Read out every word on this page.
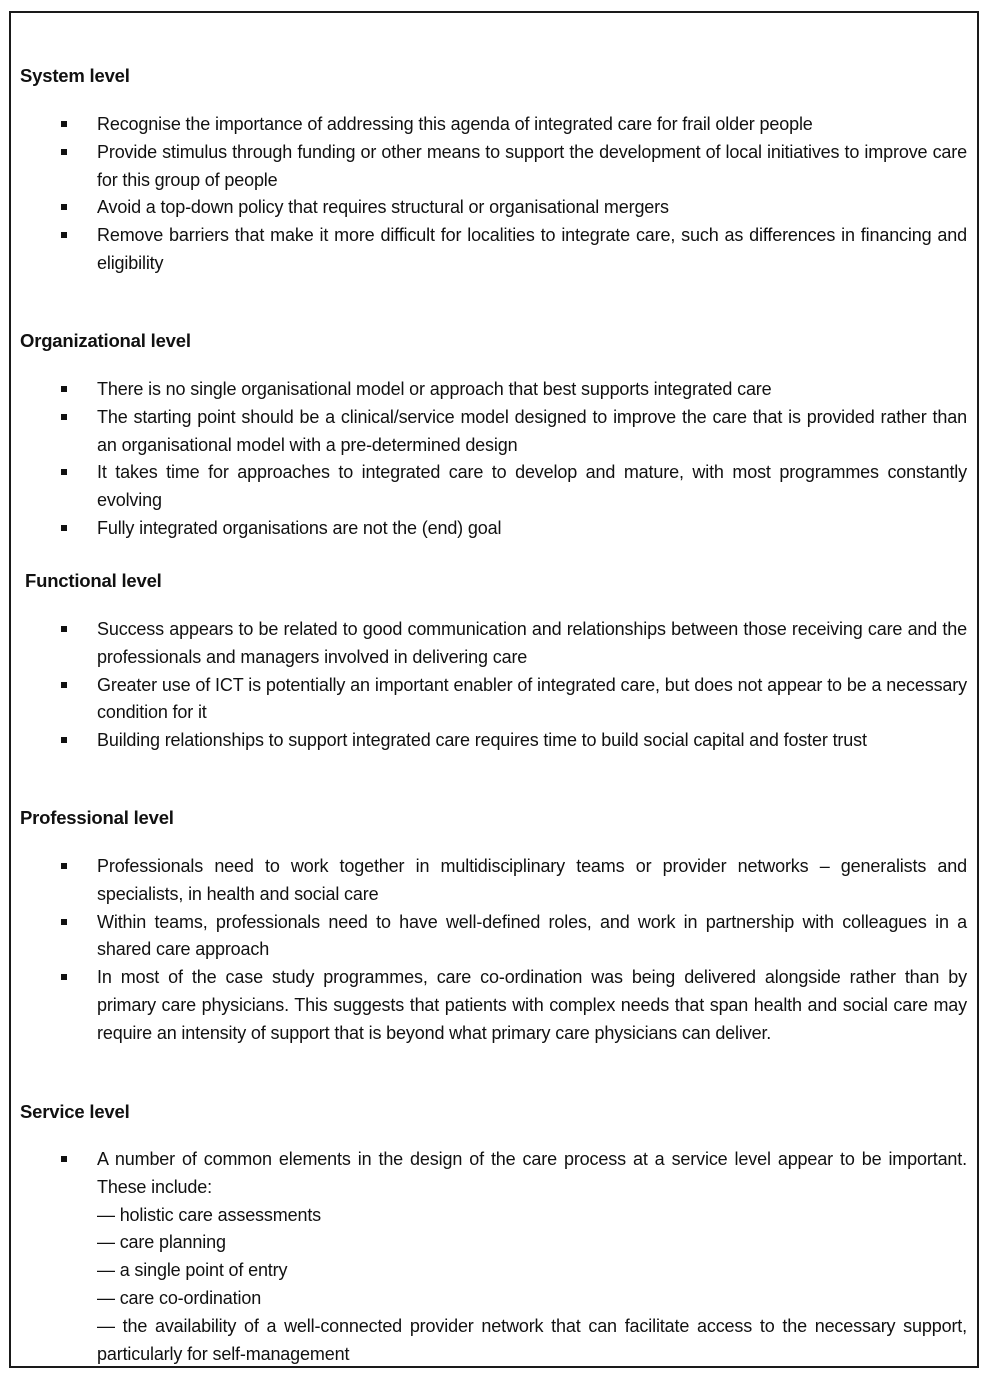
System level
Recognise the importance of addressing this agenda of integrated care for frail older people
Provide stimulus through funding or other means to support the development of local initiatives to improve care for this group of people
Avoid a top-down policy that requires structural or organisational mergers
Remove barriers that make it more difficult for localities to integrate care, such as differences in financing and eligibility
Organizational level
There is no single organisational model or approach that best supports integrated care
The starting point should be a clinical/service model designed to improve the care that is provided rather than an organisational model with a pre-determined design
It takes time for approaches to integrated care to develop and mature, with most programmes constantly evolving
Fully integrated organisations are not the (end) goal
Functional level
Success appears to be related to good communication and relationships between those receiving care and the professionals and managers involved in delivering care
Greater use of ICT is potentially an important enabler of integrated care, but does not appear to be a necessary condition for it
Building relationships to support integrated care requires time to build social capital and foster trust
Professional level
Professionals need to work together in multidisciplinary teams or provider networks – generalists and specialists, in health and social care
Within teams, professionals need to have well-defined roles, and work in partnership with colleagues in a shared care approach
In most of the case study programmes, care co-ordination was being delivered alongside rather than by primary care physicians. This suggests that patients with complex needs that span health and social care may require an intensity of support that is beyond what primary care physicians can deliver.
Service level
A number of common elements in the design of the care process at a service level appear to be important. These include:
— holistic care assessments
— care planning
— a single point of entry
— care co-ordination
— the availability of a well-connected provider network that can facilitate access to the necessary support, particularly for self-management
